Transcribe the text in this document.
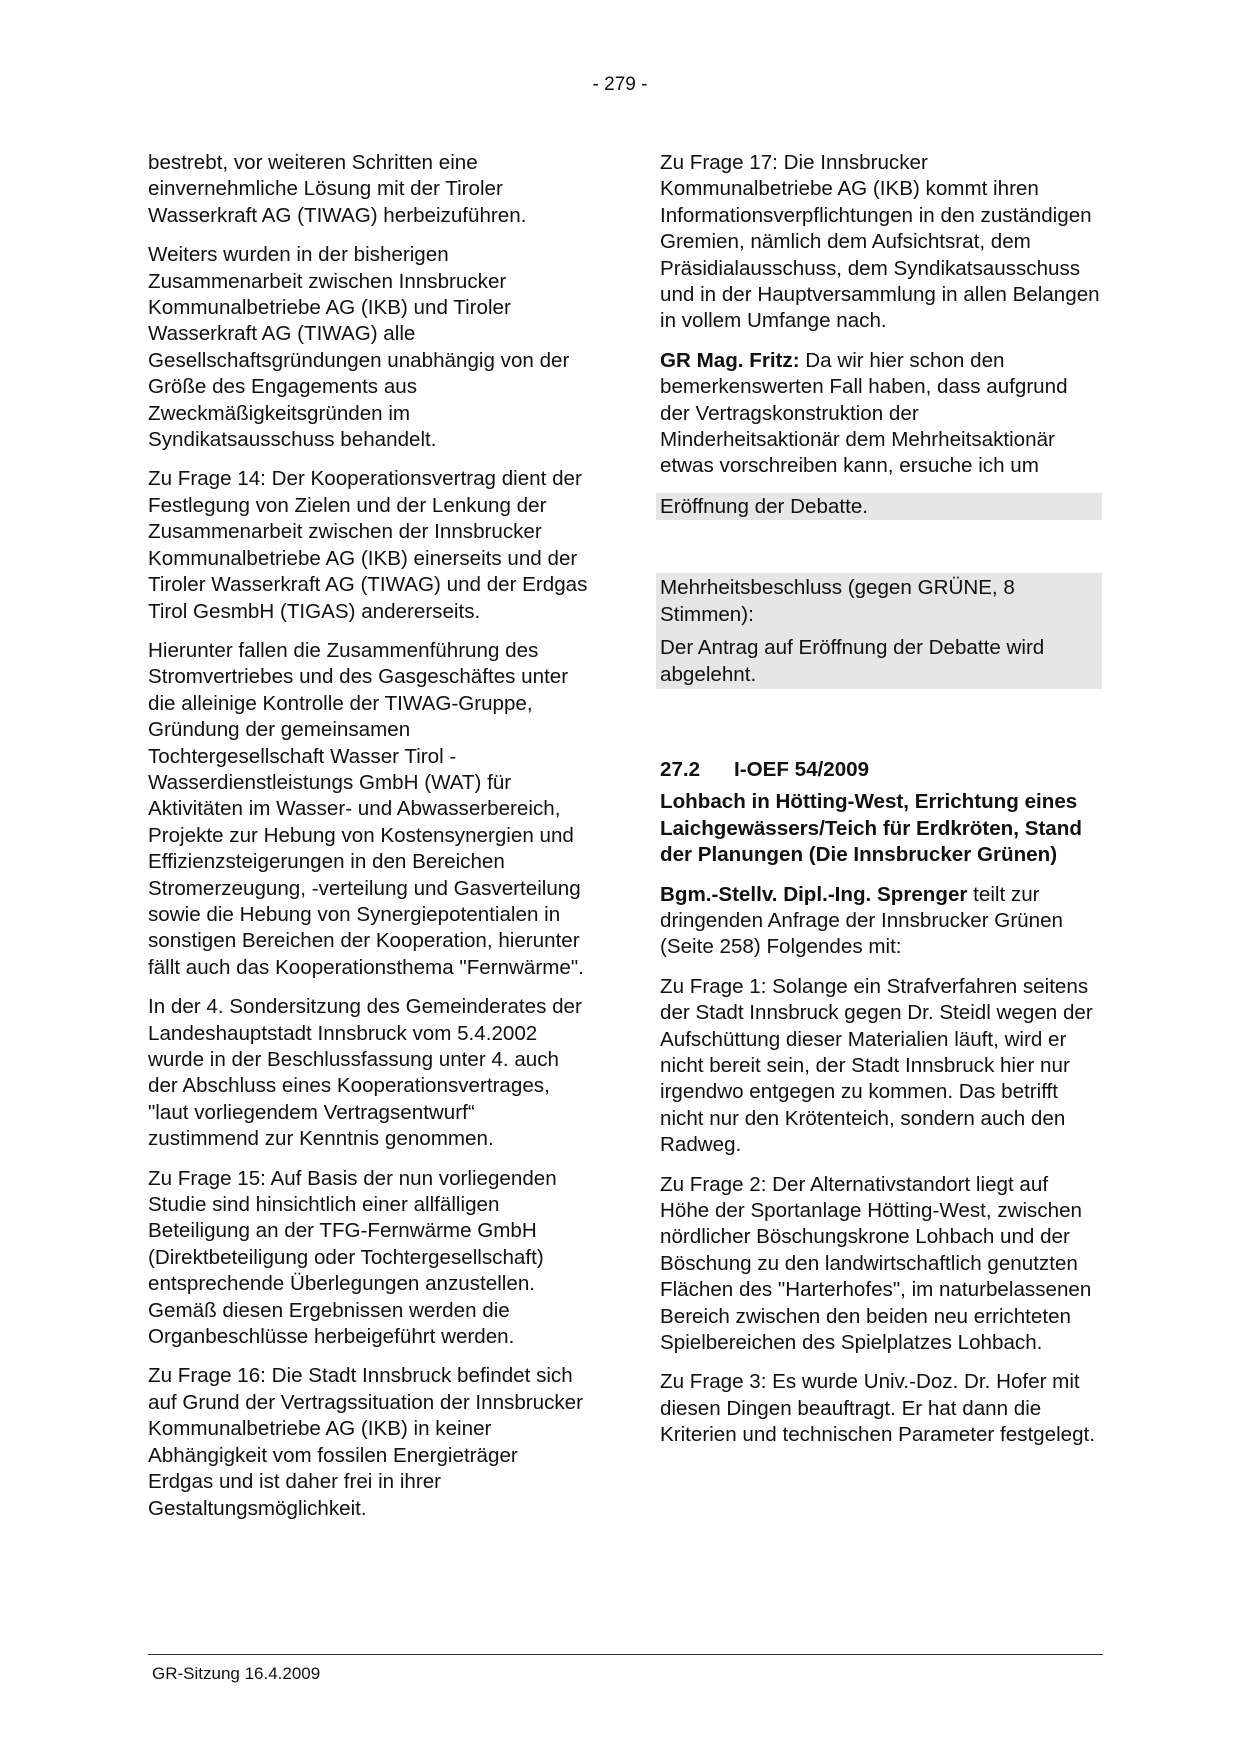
- 279 -

bestrebt, vor weiteren Schritten eine einvernehmliche Lösung mit der Tiroler Wasserkraft AG (TIWAG) herbeizuführen.

Weiters wurden in der bisherigen Zusammenarbeit zwischen Innsbrucker Kommunalbetriebe AG (IKB) und Tiroler Wasserkraft AG (TIWAG) alle Gesellschaftsgründungen unabhängig von der Größe des Engagements aus Zweckmäßigkeitsgründen im Syndikatsausschuss behandelt.

Zu Frage 14: Der Kooperationsvertrag dient der Festlegung von Zielen und der Lenkung der Zusammenarbeit zwischen der Innsbrucker Kommunalbetriebe AG (IKB) einerseits und der Tiroler Wasserkraft AG (TIWAG) und der Erdgas Tirol GesmbH (TIGAS) andererseits.

Hierunter fallen die Zusammenführung des Stromvertriebes und des Gasgeschäftes unter die alleinige Kontrolle der TIWAG-Gruppe, Gründung der gemeinsamen Tochtergesellschaft Wasser Tirol - Wasserdienstleistungs GmbH (WAT) für Aktivitäten im Wasser- und Abwasserbereich, Projekte zur Hebung von Kostensynergien und Effizienzsteigerungen in den Bereichen Stromerzeugung, -verteilung und Gasverteilung sowie die Hebung von Synergiepotentialen in sonstigen Bereichen der Kooperation, hierunter fällt auch das Kooperationsthema "Fernwärme".

In der 4. Sondersitzung des Gemeinderates der Landeshauptstadt Innsbruck vom 5.4.2002 wurde in der Beschlussfassung unter 4. auch der Abschluss eines Kooperationsvertrages, "laut vorliegendem Vertragsentwurf“ zustimmend zur Kenntnis genommen.

Zu Frage 15: Auf Basis der nun vorliegenden Studie sind hinsichtlich einer allfälligen Beteiligung an der TFG-Fernwärme GmbH (Direktbeteiligung oder Tochtergesellschaft) entsprechende Überlegungen anzustellen. Gemäß diesen Ergebnissen werden die Organbeschlüsse herbeigeführt werden.

Zu Frage 16: Die Stadt Innsbruck befindet sich auf Grund der Vertragssituation der Innsbrucker Kommunalbetriebe AG (IKB) in keiner Abhängigkeit vom fossilen Energieträger Erdgas und ist daher frei in ihrer Gestaltungsmöglichkeit.

Zu Frage 17: Die Innsbrucker Kommunalbetriebe AG (IKB) kommt ihren Informationsverpflichtungen in den zuständigen Gremien, nämlich dem Aufsichtsrat, dem Präsidialausschuss, dem Syndikatsausschuss und in der Hauptversammlung in allen Belangen in vollem Umfange nach.

GR Mag. Fritz: Da wir hier schon den bemerkenswerten Fall haben, dass aufgrund der Vertragskonstruktion der Minderheitsaktionär dem Mehrheitsaktionär etwas vorschreiben kann, ersuche ich um

Eröffnung der Debatte.

Mehrheitsbeschluss (gegen GRÜNE, 8 Stimmen):

Der Antrag auf Eröffnung der Debatte wird abgelehnt.

27.2	I-OEF 54/2009

Lohbach in Hötting-West, Errichtung eines Laichgewässers/Teich für Erdkröten, Stand der Planungen (Die Innsbrucker Grünen)

Bgm.-Stellv. Dipl.-Ing. Sprenger teilt zur dringenden Anfrage der Innsbrucker Grünen (Seite 258) Folgendes mit:

Zu Frage 1: Solange ein Strafverfahren seitens der Stadt Innsbruck gegen Dr. Steidl wegen der Aufschüttung dieser Materialien läuft, wird er nicht bereit sein, der Stadt Innsbruck hier nur irgendwo entgegen zu kommen. Das betrifft nicht nur den Krötenteich, sondern auch den Radweg.

Zu Frage 2: Der Alternativstandort liegt auf Höhe der Sportanlage Hötting-West, zwischen nördlicher Böschungskrone Lohbach und der Böschung zu den landwirtschaftlich genutzten Flächen des "Harterhofes", im naturbelassenen Bereich zwischen den beiden neu errichteten Spielbereichen des Spielplatzes Lohbach.

Zu Frage 3: Es wurde Univ.-Doz. Dr. Hofer mit diesen Dingen beauftragt. Er hat dann die Kriterien und technischen Parameter festgelegt.

GR-Sitzung 16.4.2009
